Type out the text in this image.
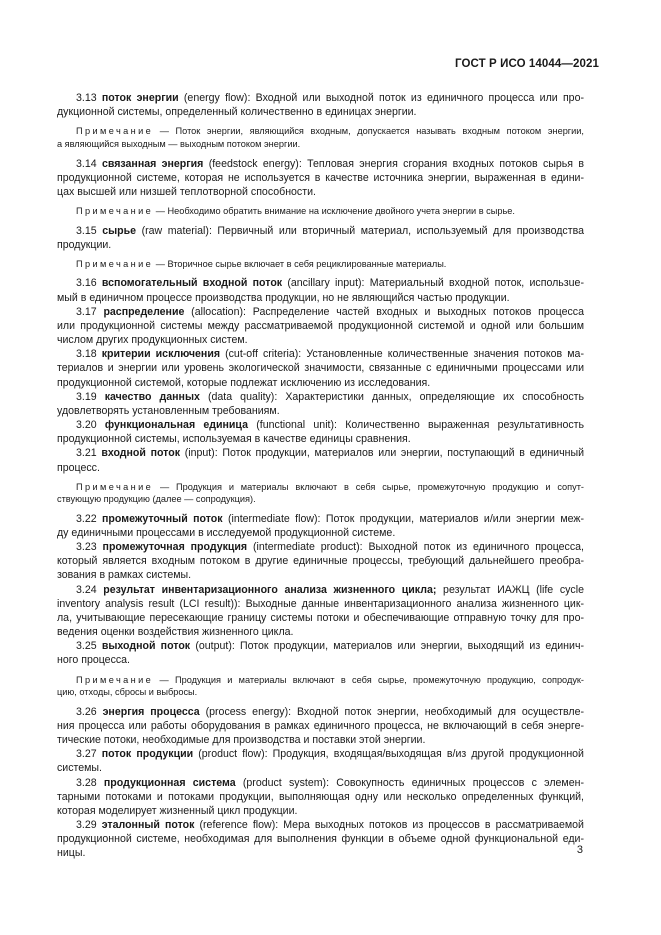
ГОСТ Р ИСО 14044—2021
3.13 поток энергии (energy flow): Входной или выходной поток из единичного процесса или про-
дукционной системы, определенный количественно в единицах энергии.
Примечание — Поток энергии, являющийся входным, допускается называть входным потоком энергии,
а являющийся выходным — выходным потоком энергии.
3.14 связанная энергия (feedstock energy): Тепловая энергия сгорания входных потоков сырья в
продукционной системе, которая не используется в качестве источника энергии, выраженная в едини-
цах высшей или низшей теплотворной способности.
Примечание — Необходимо обратить внимание на исключение двойного учета энергии в сырье.
3.15 сырье (raw material): Первичный или вторичный материал, используемый для производства
продукции.
Примечание — Вторичное сырье включает в себя рециклированные материалы.
3.16 вспомогательный входной поток (ancillary input): Материальный входной поток, использue-
мый в единичном процессе производства продукции, но не являющийся частью продукции.
3.17 распределение (allocation): Распределение частей входных и выходных потоков процесса
или продукционной системы между рассматриваемой продукционной системой и одной или большим
числом других продукционных систем.
3.18 критерии исключения (cut-off criteria): Установленные количественные значения потоков ма-
териалов и энергии или уровень экологической значимости, связанные с единичными процессами или
продукционной системой, которые подлежат исключению из исследования.
3.19 качество данных (data quality): Характеристики данных, определяющие их способность
удовлетворять установленным требованиям.
3.20 функциональная единица (functional unit): Количественно выраженная результативность
продукционной системы, используемая в качестве единицы сравнения.
3.21 входной поток (input): Поток продукции, материалов или энергии, поступающий в единичный
процесс.
Примечание — Продукция и материалы включают в себя сырье, промежуточную продукцию и сопут-
ствующую продукцию (далее — сопродукция).
3.22 промежуточный поток (intermediate flow): Поток продукции, материалов и/или энергии меж-
ду единичными процессами в исследуемой продукционной системе.
3.23 промежуточная продукция (intermediate product): Выходной поток из единичного процесса,
который является входным потоком в другие единичные процессы, требующий дальнейшего преобра-
зования в рамках системы.
3.24 результат инвентаризационного анализа жизненного цикла; результат ИАЖЦ (life cycle
inventory analysis result (LCI result)): Выходные данные инвентаризационного анализа жизненного цик-
ла, учитывающие пересекающие границу системы потоки и обеспечивающие отправную точку для про-
ведения оценки воздействия жизненного цикла.
3.25 выходной поток (output): Поток продукции, материалов или энергии, выходящий из единич-
ного процесса.
Примечание — Продукция и материалы включают в себя сырье, промежуточную продукцию, сопродук-
цию, отходы, сбросы и выбросы.
3.26 энергия процесса (process energy): Входной поток энергии, необходимый для осуществле-
ния процесса или работы оборудования в рамках единичного процесса, не включающий в себя энерге-
тические потоки, необходимые для производства и поставки этой энергии.
3.27 поток продукции (product flow): Продукция, входящая/выходящая в/из другой продукционной
системы.
3.28 продукционная система (product system): Совокупность единичных процессов с элемен-
тарными потоками и потоками продукции, выполняющая одну или несколько определенных функций,
которая моделирует жизненный цикл продукции.
3.29 эталонный поток (reference flow): Мера выходных потоков из процессов в рассматриваемой
продукционной системе, необходимая для выполнения функции в объеме одной функциональной еди-
ницы.	3
